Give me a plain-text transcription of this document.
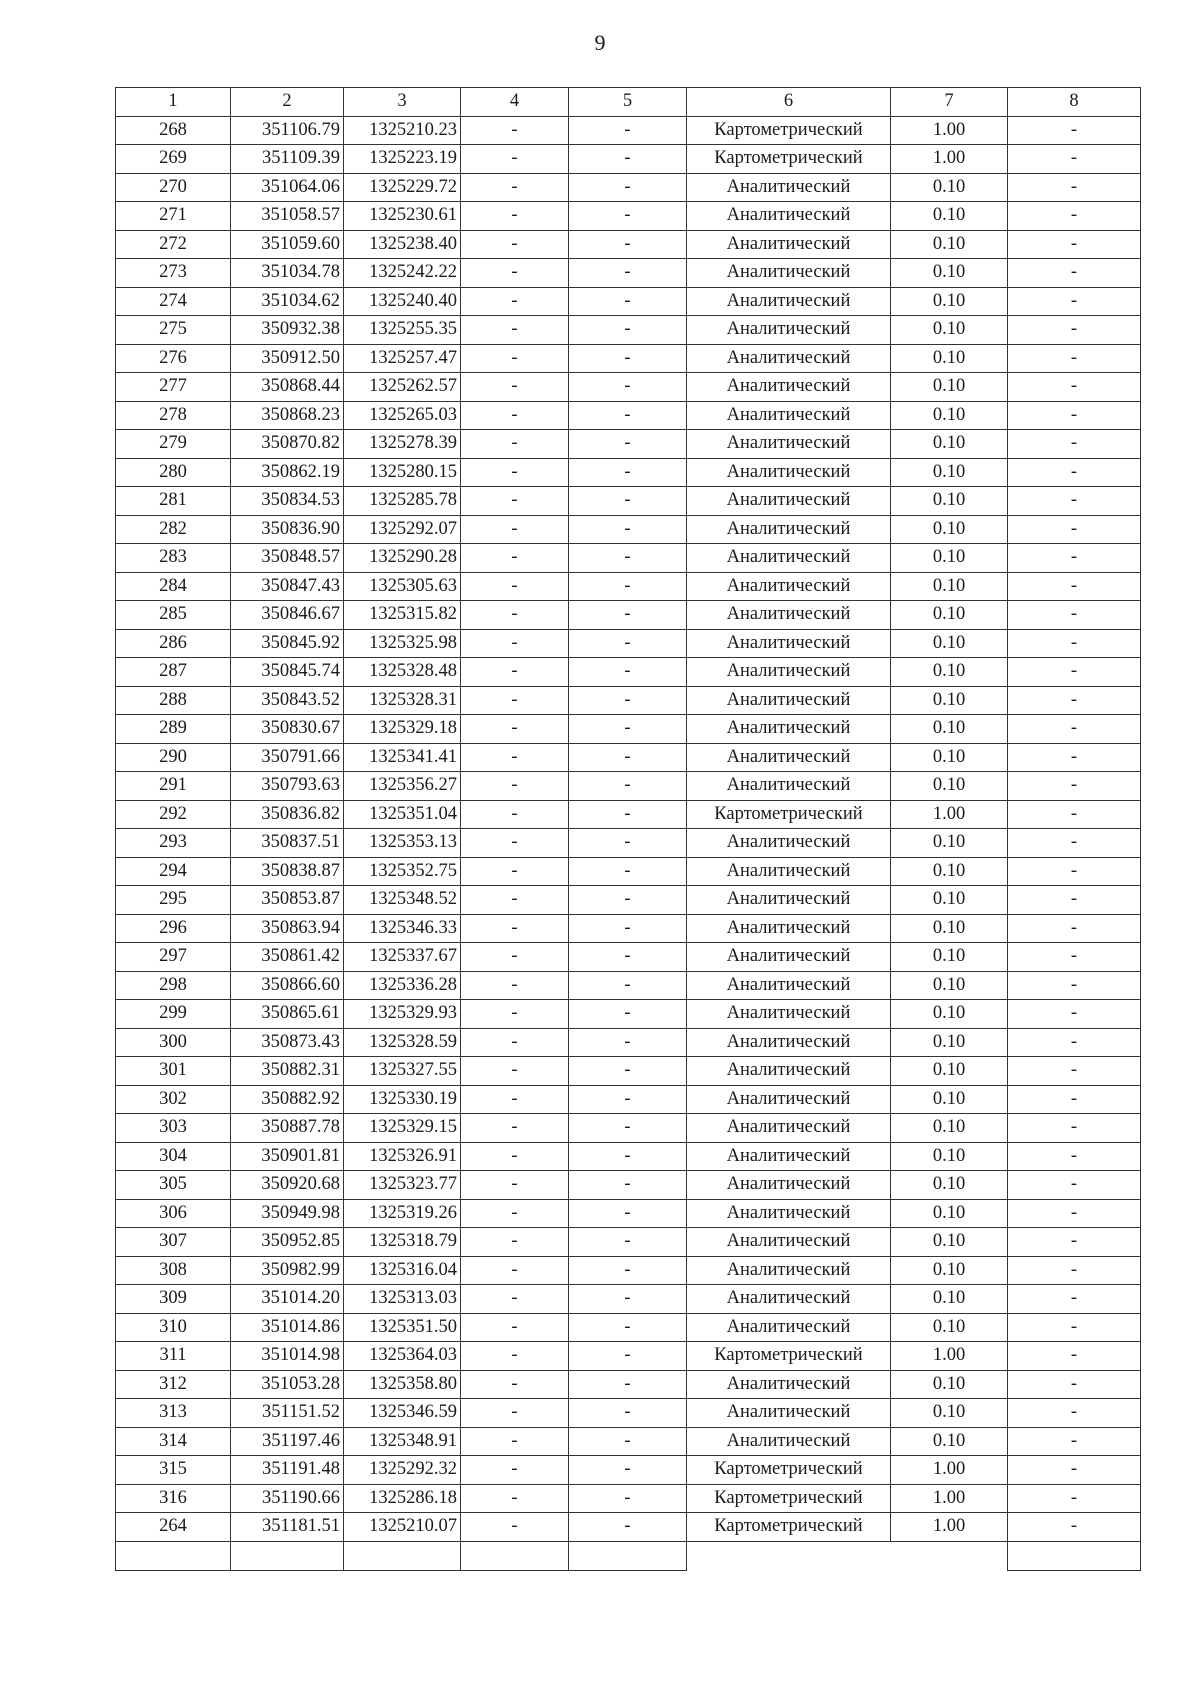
9
1	2	3	4	5	6	7	8
268	351106.79	1325210.23	-	-	Картометрический	1.00	-
269	351109.39	1325223.19	-	-	Картометрический	1.00	-
270	351064.06	1325229.72	-	-	Аналитический	0.10	-
271	351058.57	1325230.61	-	-	Аналитический	0.10	-
272	351059.60	1325238.40	-	-	Аналитический	0.10	-
273	351034.78	1325242.22	-	-	Аналитический	0.10	-
274	351034.62	1325240.40	-	-	Аналитический	0.10	-
275	350932.38	1325255.35	-	-	Аналитический	0.10	-
276	350912.50	1325257.47	-	-	Аналитический	0.10	-
277	350868.44	1325262.57	-	-	Аналитический	0.10	-
278	350868.23	1325265.03	-	-	Аналитический	0.10	-
279	350870.82	1325278.39	-	-	Аналитический	0.10	-
280	350862.19	1325280.15	-	-	Аналитический	0.10	-
281	350834.53	1325285.78	-	-	Аналитический	0.10	-
282	350836.90	1325292.07	-	-	Аналитический	0.10	-
283	350848.57	1325290.28	-	-	Аналитический	0.10	-
284	350847.43	1325305.63	-	-	Аналитический	0.10	-
285	350846.67	1325315.82	-	-	Аналитический	0.10	-
286	350845.92	1325325.98	-	-	Аналитический	0.10	-
287	350845.74	1325328.48	-	-	Аналитический	0.10	-
288	350843.52	1325328.31	-	-	Аналитический	0.10	-
289	350830.67	1325329.18	-	-	Аналитический	0.10	-
290	350791.66	1325341.41	-	-	Аналитический	0.10	-
291	350793.63	1325356.27	-	-	Аналитический	0.10	-
292	350836.82	1325351.04	-	-	Картометрический	1.00	-
293	350837.51	1325353.13	-	-	Аналитический	0.10	-
294	350838.87	1325352.75	-	-	Аналитический	0.10	-
295	350853.87	1325348.52	-	-	Аналитический	0.10	-
296	350863.94	1325346.33	-	-	Аналитический	0.10	-
297	350861.42	1325337.67	-	-	Аналитический	0.10	-
298	350866.60	1325336.28	-	-	Аналитический	0.10	-
299	350865.61	1325329.93	-	-	Аналитический	0.10	-
300	350873.43	1325328.59	-	-	Аналитический	0.10	-
301	350882.31	1325327.55	-	-	Аналитический	0.10	-
302	350882.92	1325330.19	-	-	Аналитический	0.10	-
303	350887.78	1325329.15	-	-	Аналитический	0.10	-
304	350901.81	1325326.91	-	-	Аналитический	0.10	-
305	350920.68	1325323.77	-	-	Аналитический	0.10	-
306	350949.98	1325319.26	-	-	Аналитический	0.10	-
307	350952.85	1325318.79	-	-	Аналитический	0.10	-
308	350982.99	1325316.04	-	-	Аналитический	0.10	-
309	351014.20	1325313.03	-	-	Аналитический	0.10	-
310	351014.86	1325351.50	-	-	Аналитический	0.10	-
311	351014.98	1325364.03	-	-	Картометрический	1.00	-
312	351053.28	1325358.80	-	-	Аналитический	0.10	-
313	351151.52	1325346.59	-	-	Аналитический	0.10	-
314	351197.46	1325348.91	-	-	Аналитический	0.10	-
315	351191.48	1325292.32	-	-	Картометрический	1.00	-
316	351190.66	1325286.18	-	-	Картометрический	1.00	-
264	351181.51	1325210.07	-	-	Картометрический	1.00	-
